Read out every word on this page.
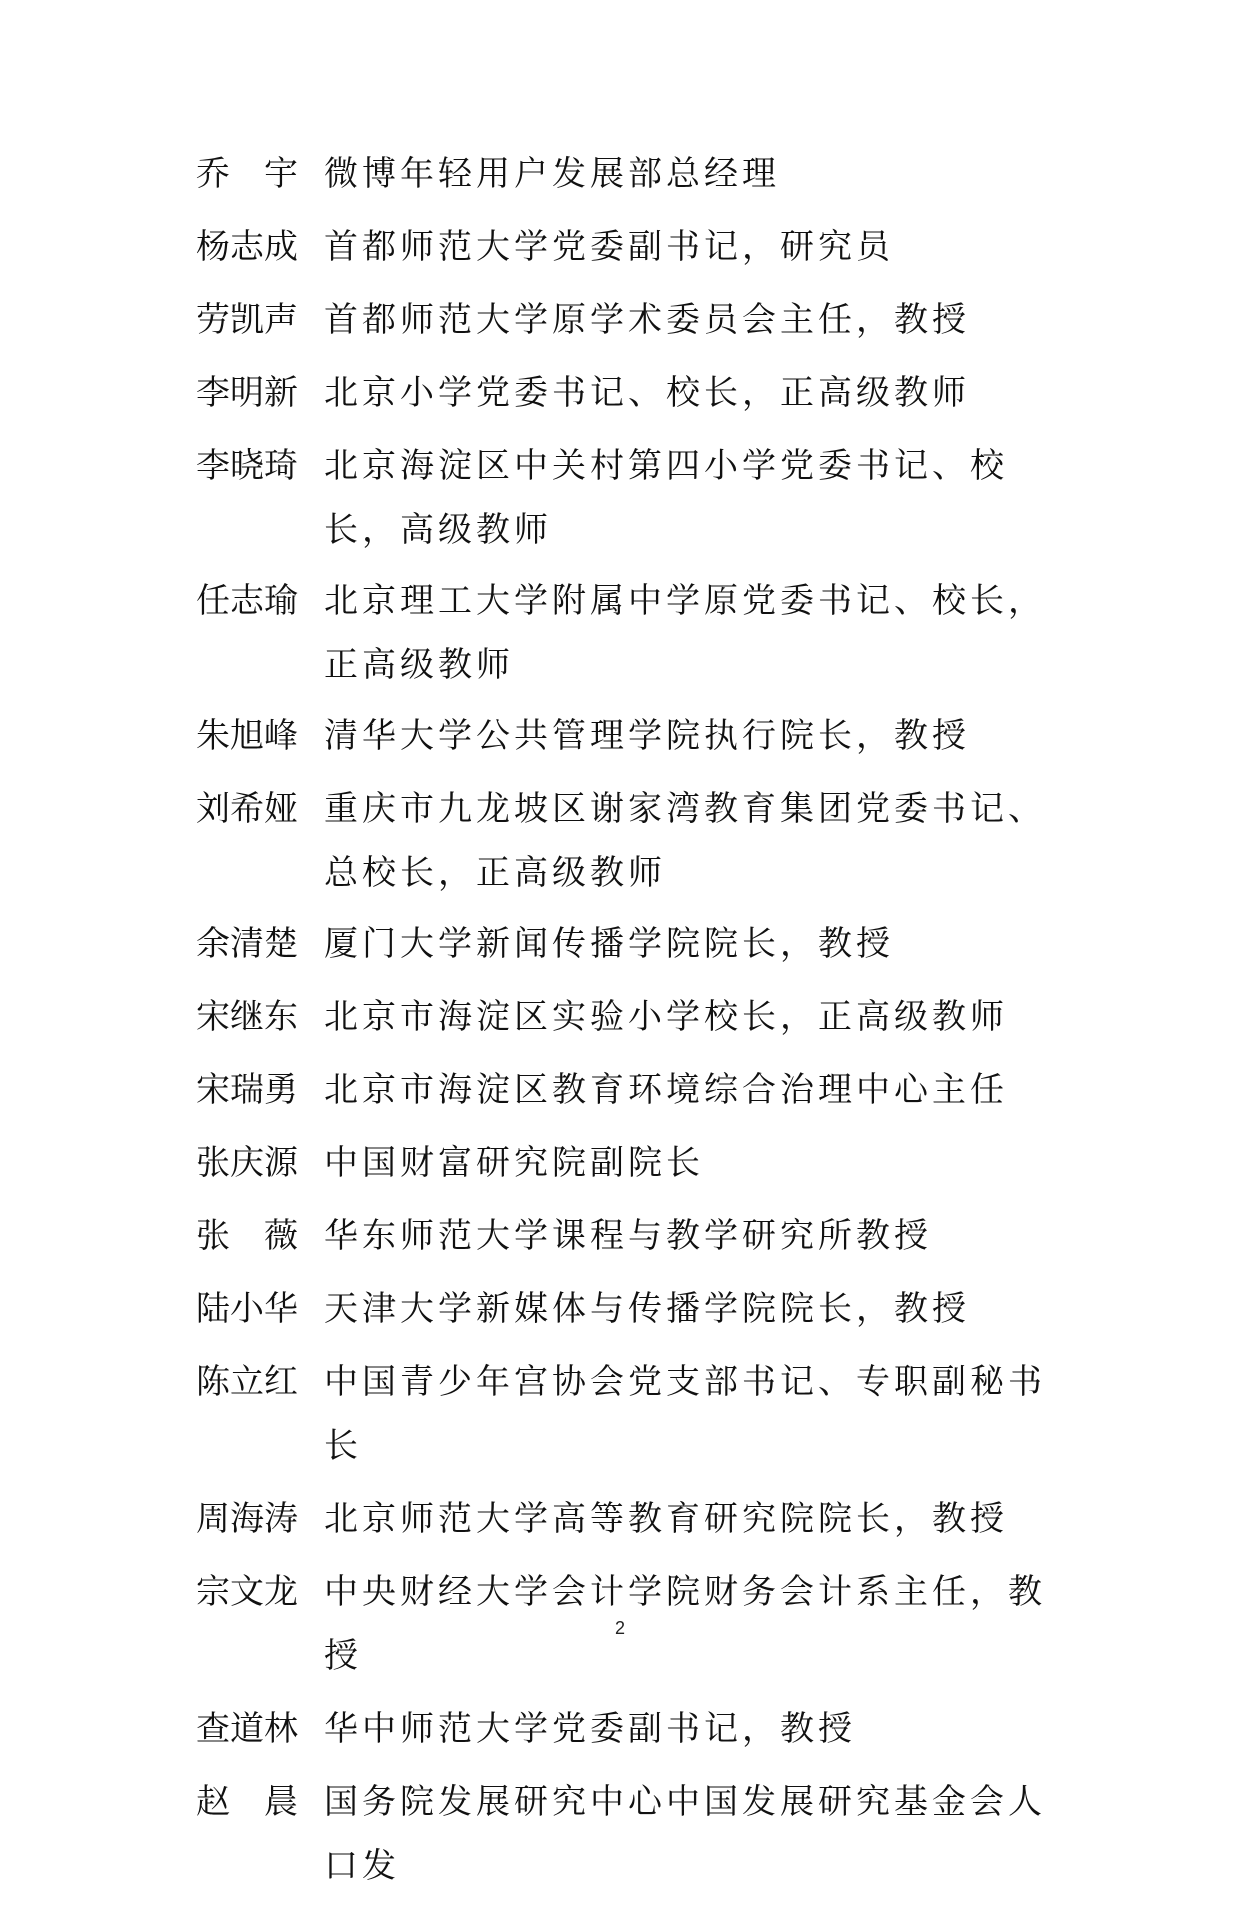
乔　宇 微博年轻用户发展部总经理
杨志成 首都师范大学党委副书记，研究员
劳凯声 首都师范大学原学术委员会主任，教授
李明新 北京小学党委书记、校长，正高级教师
李晓琦 北京海淀区中关村第四小学党委书记、校长，高级教师
任志瑜 北京理工大学附属中学原党委书记、校长，正高级教师
朱旭峰 清华大学公共管理学院执行院长，教授
刘希娅 重庆市九龙坡区谢家湾教育集团党委书记、总校长，正高级教师
余清楚 厦门大学新闻传播学院院长，教授
宋继东 北京市海淀区实验小学校长，正高级教师
宋瑞勇 北京市海淀区教育环境综合治理中心主任
张庆源 中国财富研究院副院长
张　薇 华东师范大学课程与教学研究所教授
陆小华 天津大学新媒体与传播学院院长，教授
陈立红 中国青少年宫协会党支部书记、专职副秘书长
周海涛 北京师范大学高等教育研究院院长，教授
宗文龙 中央财经大学会计学院财务会计系主任，教授
查道林 华中师范大学党委副书记，教授
赵　晨 国务院发展研究中心中国发展研究基金会人口发
2
